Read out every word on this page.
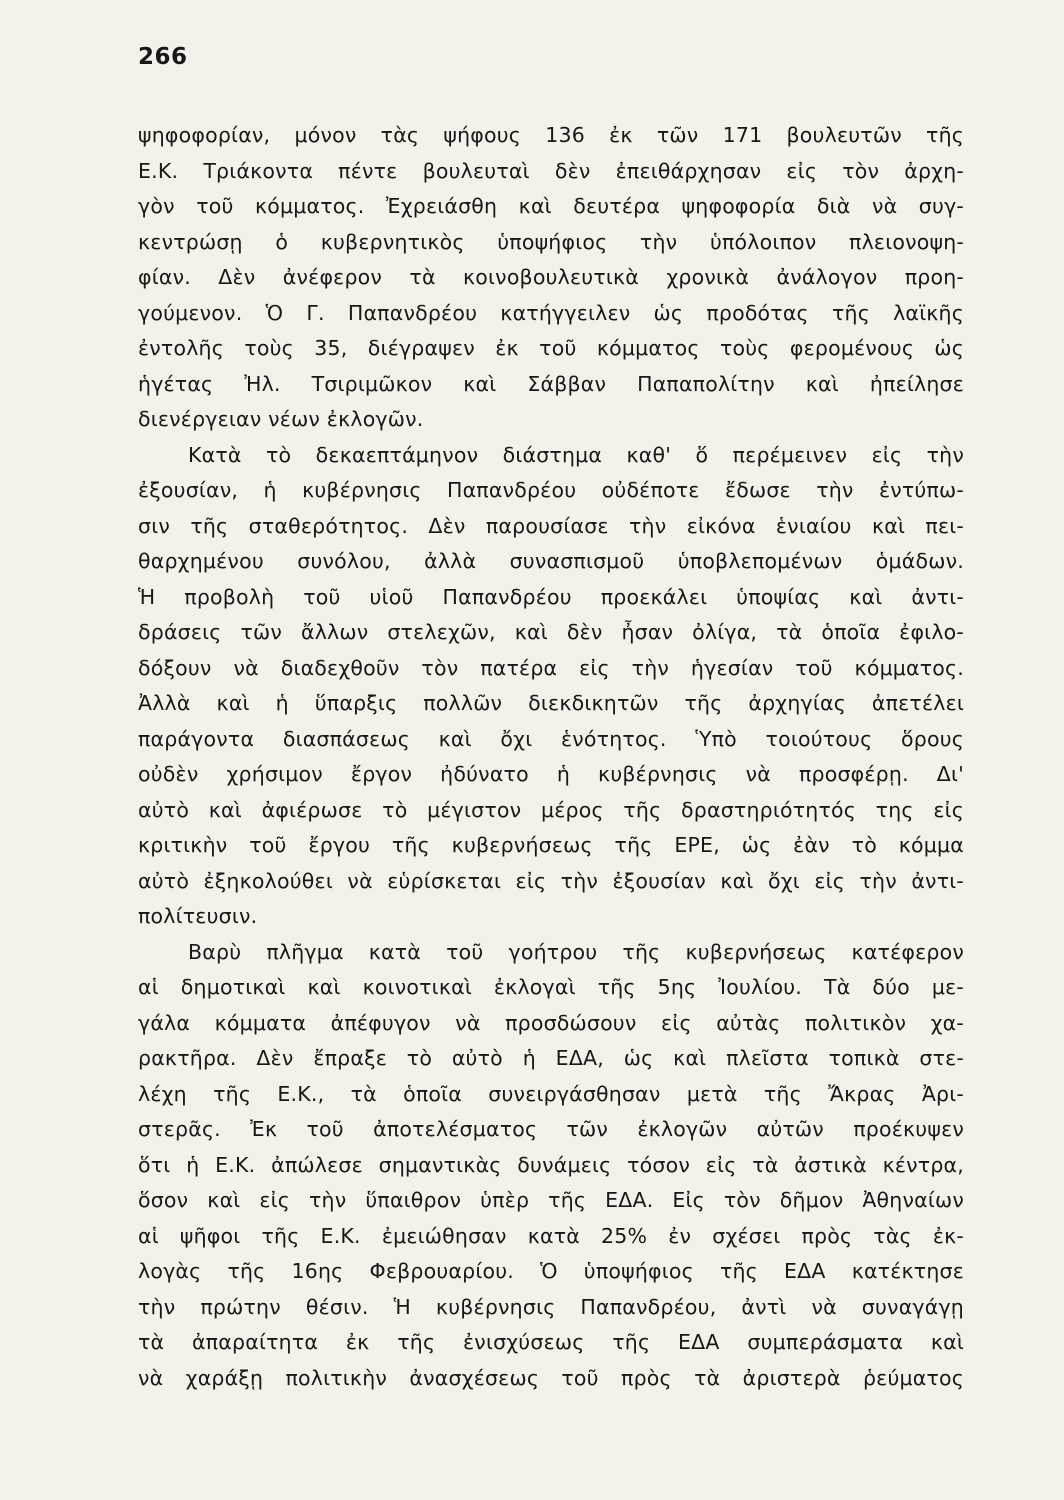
266
ψηφοφορίαν, μόνον τὰς ψήφους 136 ἐκ τῶν 171 βουλευτῶν τῆς
Ε.Κ. Τριάκοντα πέντε βουλευταὶ δὲν ἐπειθάρχησαν εἰς τὸν ἀρχη-
γὸν τοῦ κόμματος. Ἐχρειάσθη καὶ δευτέρα ψηφοφορία διὰ νὰ συγ-
κεντρώσῃ ὁ κυβερνητικὸς ὑποψήφιος τὴν ὑπόλοιπον πλειονοψη-
φίαν. Δὲν ἀνέφερον τὰ κοινοβουλευτικὰ χρονικὰ ἀνάλογον προη-
γούμενον. Ὁ Γ. Παπανδρέου κατήγγειλεν ὡς προδότας τῆς λαϊκῆς
ἐντολῆς τοὺς 35, διέγραψεν ἐκ τοῦ κόμματος τοὺς φερομένους ὡς
ἡγέτας Ἠλ. Τσιριμῶκον καὶ Σάββαν Παπαπολίτην καὶ ἠπείλησε
διενέργειαν νέων ἐκλογῶν.
Κατὰ τὸ δεκαεπτάμηνον διάστημα καθ' ὅ περέμεινεν εἰς τὴν
ἐξουσίαν, ἡ κυβέρνησις Παπανδρέου οὐδέποτε ἔδωσε τὴν ἐντύπω-
σιν τῆς σταθερότητος. Δὲν παρουσίασε τὴν εἰκόνα ἑνιαίου καὶ πει-
θαρχημένου συνόλου, ἀλλὰ συνασπισμοῦ ὑποβλεπομένων ὁμάδων.
Ἡ προβολὴ τοῦ υἱοῦ Παπανδρέου προεκάλει ὑποψίας καὶ ἀντι-
δράσεις τῶν ἄλλων στελεχῶν, καὶ δὲν ἦσαν ὀλίγα, τὰ ὁποῖα ἐφιλο-
δόξουν νὰ διαδεχθοῦν τὸν πατέρα εἰς τὴν ἡγεσίαν τοῦ κόμματος.
Ἀλλὰ καὶ ἡ ὕπαρξις πολλῶν διεκδικητῶν τῆς ἀρχηγίας ἀπετέλει
παράγοντα διασπάσεως καὶ ὄχι ἑνότητος. Ὑπὸ τοιούτους ὅρους
οὐδὲν χρήσιμον ἔργον ἠδύνατο ἡ κυβέρνησις νὰ προσφέρῃ. Δι'
αὐτὸ καὶ ἀφιέρωσε τὸ μέγιστον μέρος τῆς δραστηριότητός της εἰς
κριτικὴν τοῦ ἔργου τῆς κυβερνήσεως τῆς ΕΡΕ, ὡς ἐὰν τὸ κόμμα
αὐτὸ ἐξηκολούθει νὰ εὑρίσκεται εἰς τὴν ἐξουσίαν καὶ ὄχι εἰς τὴν ἀντι-
πολίτευσιν.
Βαρὺ πλῆγμα κατὰ τοῦ γοήτρου τῆς κυβερνήσεως κατέφερον
αἱ δημοτικαὶ καὶ κοινοτικαὶ ἐκλογαὶ τῆς 5ης Ἰουλίου. Τὰ δύο με-
γάλα κόμματα ἀπέφυγον νὰ προσδώσουν εἰς αὐτὰς πολιτικὸν χα-
ρακτῆρα. Δὲν ἔπραξε τὸ αὐτὸ ἡ ΕΔΑ, ὡς καὶ πλεῖστα τοπικὰ στε-
λέχη τῆς Ε.Κ., τὰ ὁποῖα συνειργάσθησαν μετὰ τῆς Ἄκρας Ἀρι-
στερᾶς. Ἐκ τοῦ ἀποτελέσματος τῶν ἐκλογῶν αὐτῶν προέκυψεν
ὅτι ἡ Ε.Κ. ἀπώλεσε σημαντικὰς δυνάμεις τόσον εἰς τὰ ἀστικὰ κέντρα,
ὅσον καὶ εἰς τὴν ὕπαιθρον ὑπὲρ τῆς ΕΔΑ. Εἰς τὸν δῆμον Ἀθηναίων
αἱ ψῆφοι τῆς Ε.Κ. ἐμειώθησαν κατὰ 25% ἐν σχέσει πρὸς τὰς ἐκ-
λογὰς τῆς 16ης Φεβρουαρίου. Ὁ ὑποψήφιος τῆς ΕΔΑ κατέκτησε
τὴν πρώτην θέσιν. Ἡ κυβέρνησις Παπανδρέου, ἀντὶ νὰ συναγάγῃ
τὰ ἀπαραίτητα ἐκ τῆς ἐνισχύσεως τῆς ΕΔΑ συμπεράσματα καὶ
νὰ χαράξῃ πολιτικὴν ἀνασχέσεως τοῦ πρὸς τὰ ἀριστερὰ ῥεύματος
